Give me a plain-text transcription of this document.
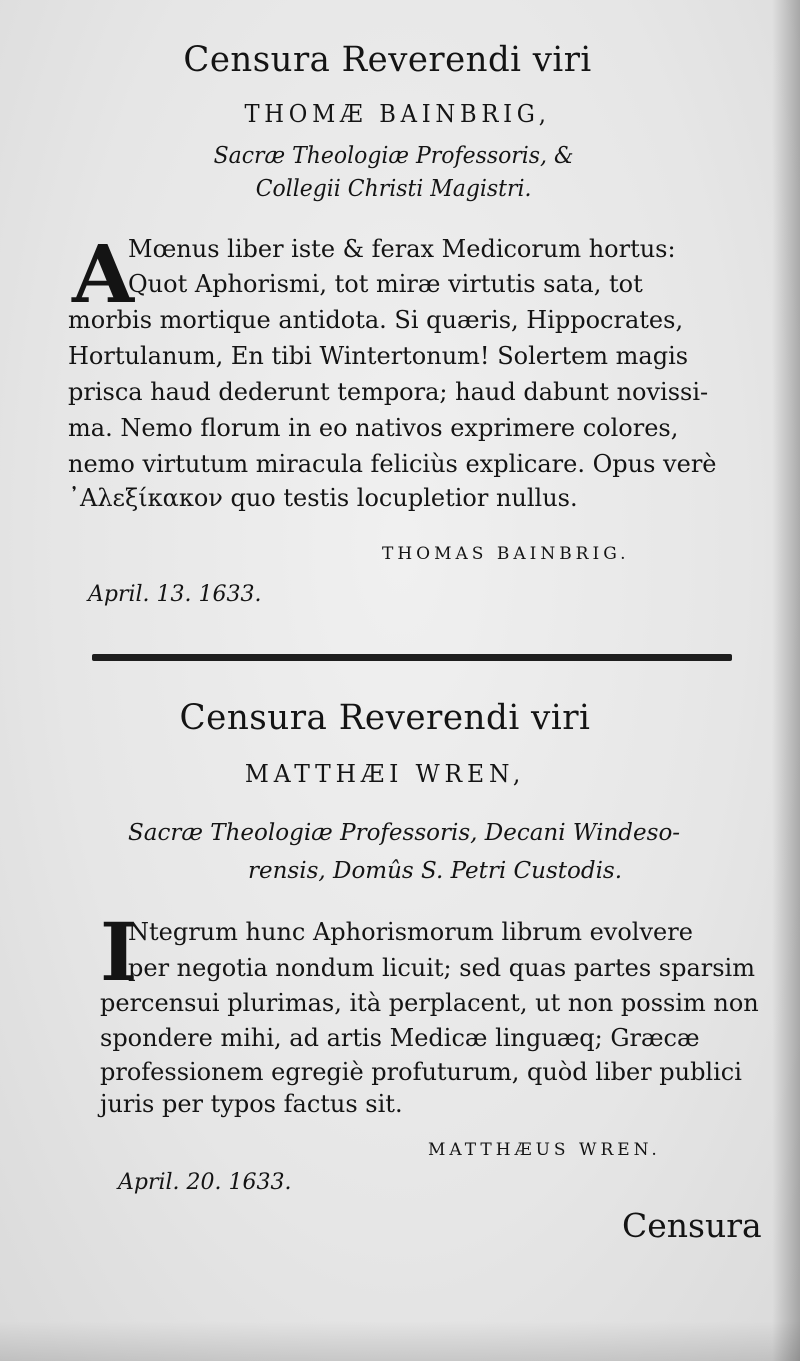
Censura Reverendi viri
THOMÆ BAINBRIG,
Sacræ Theologiæ Professoris, &
Collegii Christi Magistri.
A
Mœnus liber iste & ferax Medicorum hortus:
Quot Aphorismi, tot miræ virtutis sata, tot
morbis mortique antidota. Si quæris, Hippocrates,
Hortulanum, En tibi Wintertonum! Solertem magis
prisca haud dederunt tempora; haud dabunt novissi-
ma. Nemo florum in eo nativos exprimere colores,
nemo virtutum miracula feliciùs explicare. Opus verè
᾽Αλεξίκακον quo testis locupletior nullus.
THOMAS BAINBRIG.
April. 13. 1633.
Censura Reverendi viri
MATTHÆI WREN,
Sacræ Theologiæ Professoris, Decani Windeso-
rensis, Domûs S. Petri Custodis.
I
Ntegrum hunc Aphorismorum librum evolvere
per negotia nondum licuit; sed quas partes sparsim
percensui plurimas, ità perplacent, ut non possim non
spondere mihi, ad artis Medicæ linguæq; Græcæ
professionem egregiè profuturum, quòd liber publici
juris per typos factus sit.
MATTHÆUS WREN.
April. 20. 1633.
Censura
